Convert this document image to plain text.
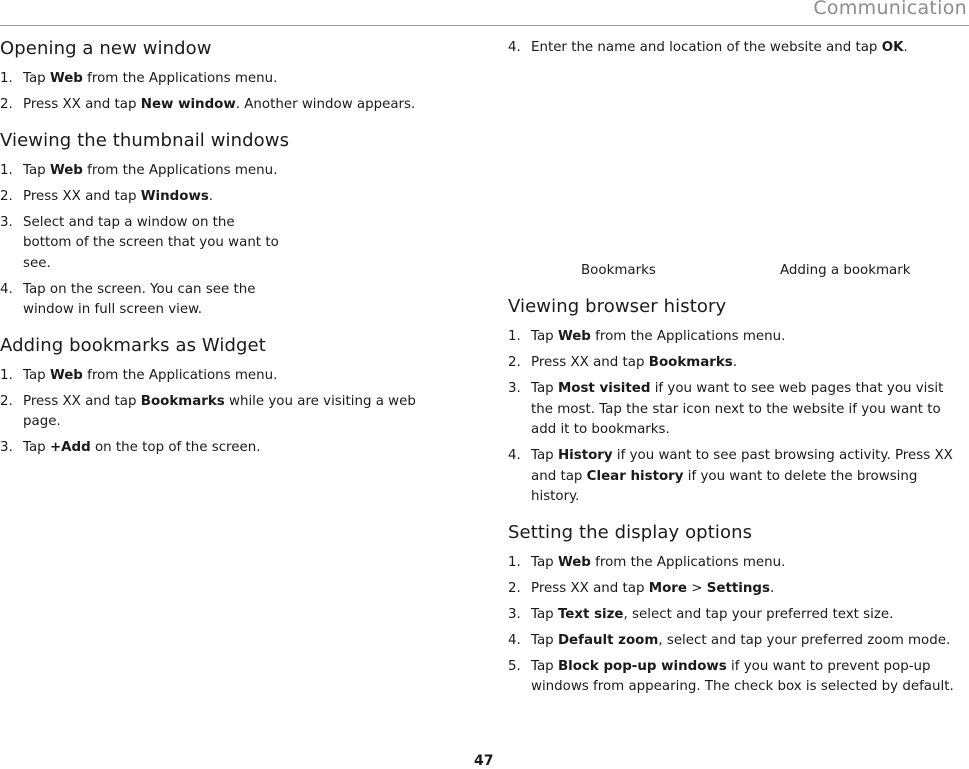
Communication
Opening a new window
1. Tap Web from the Applications menu.
2. Press XX and tap New window. Another window appears.
Viewing the thumbnail windows
1. Tap Web from the Applications menu.
2. Press XX and tap Windows.
3. Select and tap a window on the bottom of the screen that you want to see.
4. Tap on the screen. You can see the window in full screen view.
Adding bookmarks as Widget
1. Tap Web from the Applications menu.
2. Press XX and tap Bookmarks while you are visiting a web page.
3. Tap +Add on the top of the screen.
4. Enter the name and location of the website and tap OK.
Viewing browser history
1. Tap Web from the Applications menu.
2. Press XX and tap Bookmarks.
3. Tap Most visited if you want to see web pages that you visit the most. Tap the star icon next to the website if you want to add it to bookmarks.
4. Tap History if you want to see past browsing activity. Press XX and tap Clear history if you want to delete the browsing history.
Setting the display options
1. Tap Web from the Applications menu.
2. Press XX and tap More > Settings.
3. Tap Text size, select and tap your preferred text size.
4. Tap Default zoom, select and tap your preferred zoom mode.
5. Tap Block pop-up windows if you want to prevent pop-up windows from appearing. The check box is selected by default.
Bookmarks	Adding a bookmark
47
